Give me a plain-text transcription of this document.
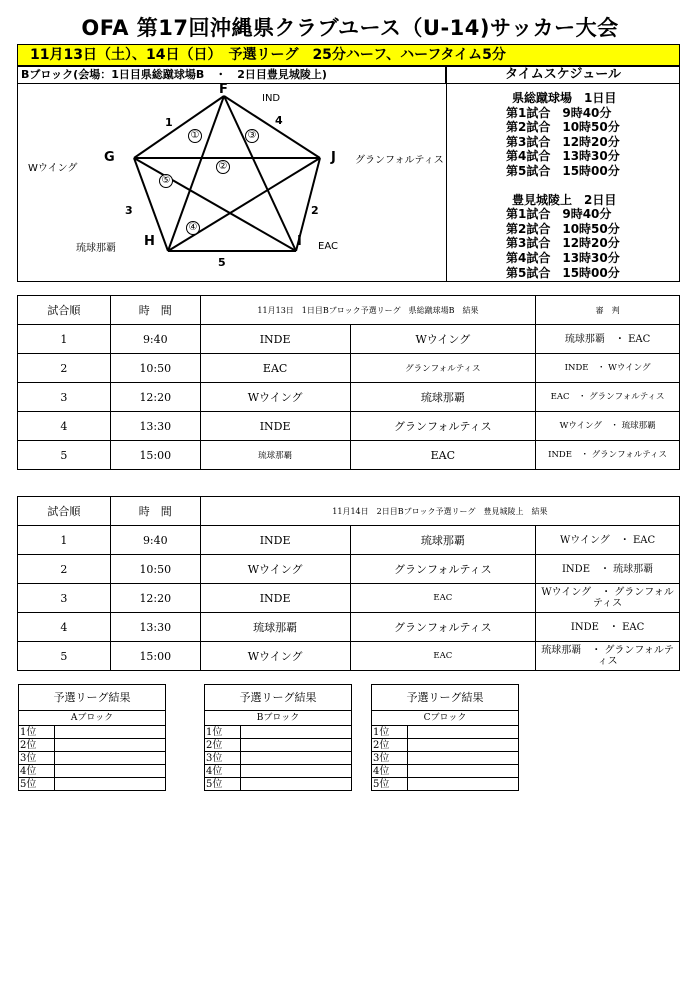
OFA 第17回沖縄県クラブユース（U-14)サッカー大会
11月13日（土）、14日（日）　予選リーグ　25分ハーフ、ハーフタイム5分
Bブロック(会場：1日目県総蹴球場B　・　2日目豊見城陵上)	タイムスケジュール
県総蹴球場　1日目
第1試合　9時40分
第2試合　10時50分
第3試合　12時20分
第4試合　13時30分
第5試合　15時00分
豊見城陵上　2日目
第1試合　9時40分
第2試合　10時50分
第3試合　12時20分
第4試合　13時30分
第5試合　15時00分
F
G
H	I
J
IND
Wウイング
琉球那覇	EAC
グランフォルティス
1
2
3
4
5
①
②
③
④
⑤
試合順	時　間	11月13日　1日目Bブロック予選リーグ　県総蹴球場B　結果		審　判
1	9:40	INDE	Wウイング	琉球那覇　・ EAC
2	10:50	EAC	グランフォルティス	INDE　・ Wウイング
3	12:20	Wウイング	琉球那覇	EAC　・ グランフォルティス
4	13:30	INDE	グランフォルティス	Wウイング　・ 琉球那覇
5	15:00	琉球那覇	EAC	INDE　・ グランフォルティス
試合順	時　間	11月14日　2日目Bブロック予選リーグ　豊見城陵上　結果		
1	9:40	INDE	琉球那覇	Wウイング　・ EAC
2	10:50	Wウイング	グランフォルティス	INDE　・ 琉球那覇
3	12:20	INDE	EAC	Wウイング　・ グランフォルティス
4	13:30	琉球那覇	グランフォルティス	INDE　・ EAC
5	15:00	Wウイング	EAC	琉球那覇　・ グランフォルティス
予選リーグ結果
Aブロック
1位	
2位	
3位	
4位	
5位	
予選リーグ結果
Bブロック
1位	
2位	
3位	
4位	
5位	
予選リーグ結果
Cブロック
1位	
2位	
3位	
4位	
5位	
